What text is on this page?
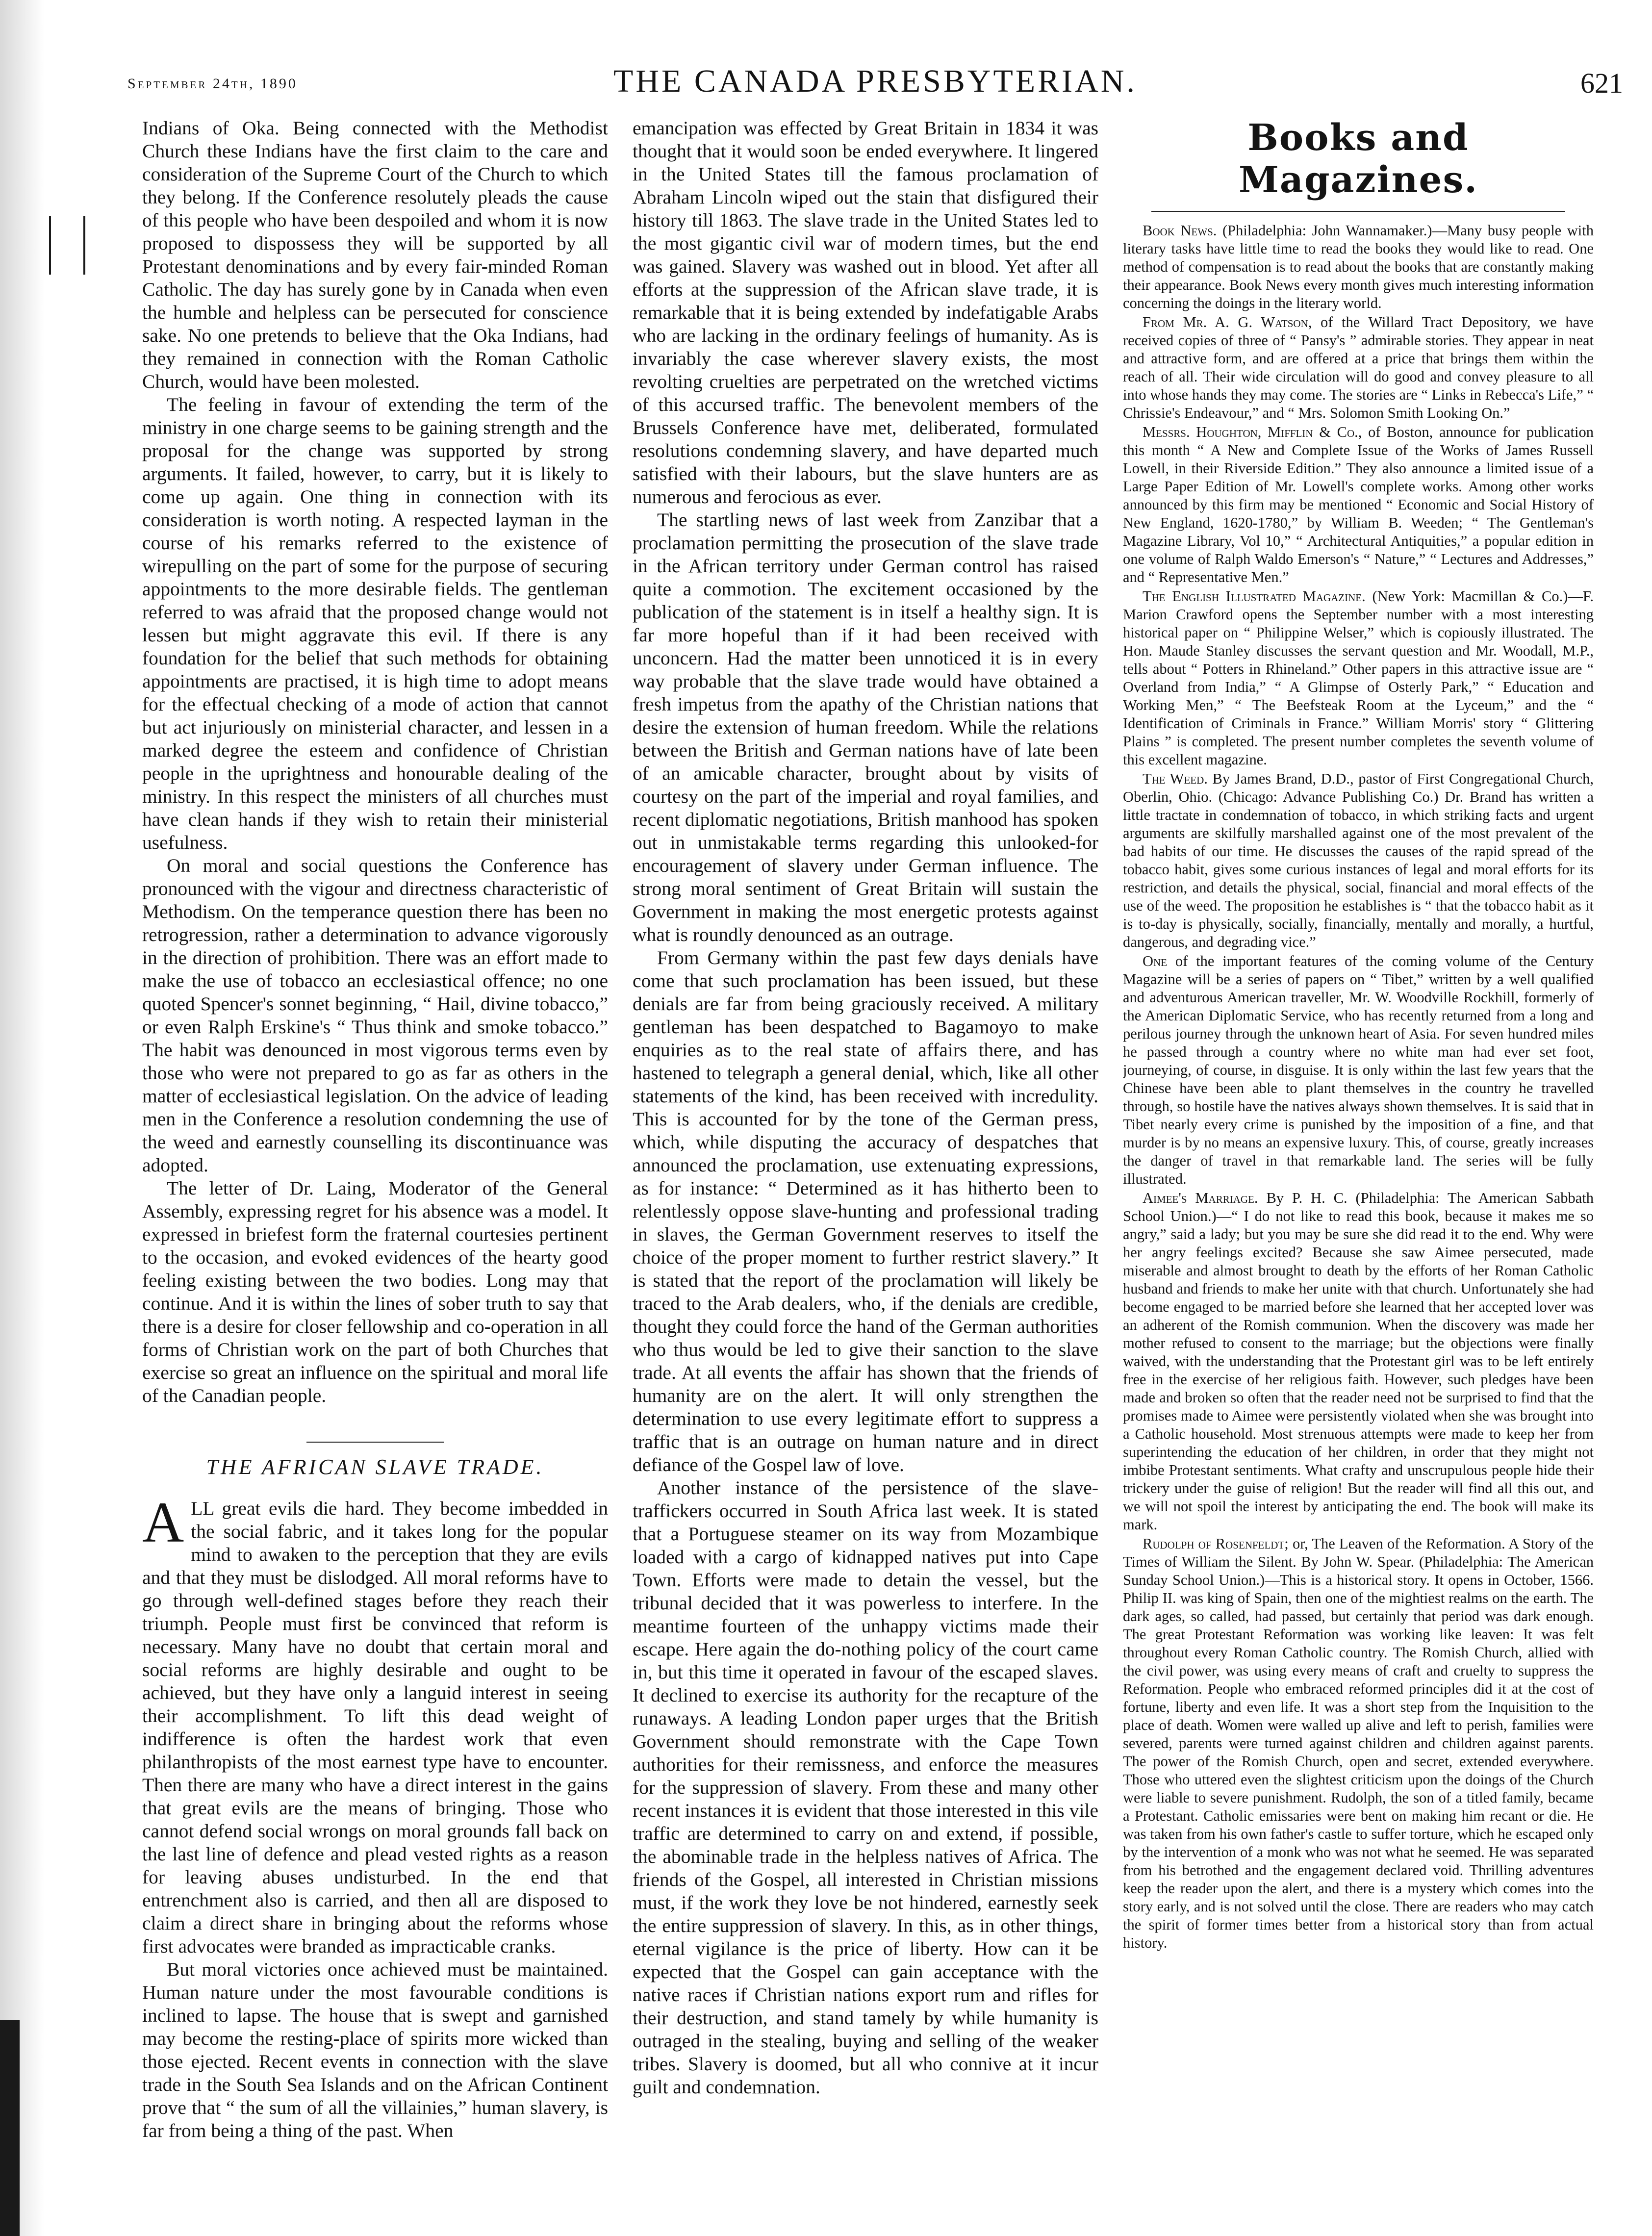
September 24th, 1890	THE CANADA PRESBYTERIAN.	621

Indians of Oka. Being connected with the Methodist Church these Indians have the first claim to the care and consideration of the Supreme Court of the Church to which they belong. If the Conference resolutely pleads the cause of this people who have been despoiled and whom it is now proposed to dispossess they will be supported by all Protestant denominations and by every fair-minded Roman Catholic. The day has surely gone by in Canada when even the humble and helpless can be persecuted for conscience sake. No one pretends to believe that the Oka Indians, had they remained in connection with the Roman Catholic Church, would have been molested.

The feeling in favour of extending the term of the ministry in one charge seems to be gaining strength and the proposal for the change was supported by strong arguments. It failed, however, to carry, but it is likely to come up again. One thing in connection with its consideration is worth noting. A respected layman in the course of his remarks referred to the existence of wirepulling on the part of some for the purpose of securing appointments to the more desirable fields. The gentleman referred to was afraid that the proposed change would not lessen but might aggravate this evil. If there is any foundation for the belief that such methods for obtaining appointments are practised, it is high time to adopt means for the effectual checking of a mode of action that cannot but act injuriously on ministerial character, and lessen in a marked degree the esteem and confidence of Christian people in the uprightness and honourable dealing of the ministry. In this respect the ministers of all churches must have clean hands if they wish to retain their ministerial usefulness.

On moral and social questions the Conference has pronounced with the vigour and directness characteristic of Methodism. On the temperance question there has been no retrogression, rather a determination to advance vigorously in the direction of prohibition. There was an effort made to make the use of tobacco an ecclesiastical offence; no one quoted Spencer's sonnet beginning, “ Hail, divine tobacco,” or even Ralph Erskine's “ Thus think and smoke tobacco.” The habit was denounced in most vigorous terms even by those who were not prepared to go as far as others in the matter of ecclesiastical legislation. On the advice of leading men in the Conference a resolution condemning the use of the weed and earnestly counselling its discontinuance was adopted.

The letter of Dr. Laing, Moderator of the General Assembly, expressing regret for his absence was a model. It expressed in briefest form the fraternal courtesies pertinent to the occasion, and evoked evidences of the hearty good feeling existing between the two bodies. Long may that continue. And it is within the lines of sober truth to say that there is a desire for closer fellowship and co-operation in all forms of Christian work on the part of both Churches that exercise so great an influence on the spiritual and moral life of the Canadian people.

THE AFRICAN SLAVE TRADE.

ALL great evils die hard. They become imbedded in the social fabric, and it takes long for the popular mind to awaken to the perception that they are evils and that they must be dislodged. All moral reforms have to go through well-defined stages before they reach their triumph. People must first be convinced that reform is necessary. Many have no doubt that certain moral and social reforms are highly desirable and ought to be achieved, but they have only a languid interest in seeing their accomplishment. To lift this dead weight of indifference is often the hardest work that even philanthropists of the most earnest type have to encounter. Then there are many who have a direct interest in the gains that great evils are the means of bringing. Those who cannot defend social wrongs on moral grounds fall back on the last line of defence and plead vested rights as a reason for leaving abuses undisturbed. In the end that entrenchment also is carried, and then all are disposed to claim a direct share in bringing about the reforms whose first advocates were branded as impracticable cranks.

But moral victories once achieved must be maintained. Human nature under the most favourable conditions is inclined to lapse. The house that is swept and garnished may become the resting-place of spirits more wicked than those ejected. Recent events in connection with the slave trade in the South Sea Islands and on the African Continent prove that “ the sum of all the villainies,” human slavery, is far from being a thing of the past. When

emancipation was effected by Great Britain in 1834 it was thought that it would soon be ended everywhere. It lingered in the United States till the famous proclamation of Abraham Lincoln wiped out the stain that disfigured their history till 1863. The slave trade in the United States led to the most gigantic civil war of modern times, but the end was gained. Slavery was washed out in blood. Yet after all efforts at the suppression of the African slave trade, it is remarkable that it is being extended by indefatigable Arabs who are lacking in the ordinary feelings of humanity. As is invariably the case wherever slavery exists, the most revolting cruelties are perpetrated on the wretched victims of this accursed traffic. The benevolent members of the Brussels Conference have met, deliberated, formulated resolutions condemning slavery, and have departed much satisfied with their labours, but the slave hunters are as numerous and ferocious as ever.

The startling news of last week from Zanzibar that a proclamation permitting the prosecution of the slave trade in the African territory under German control has raised quite a commotion. The excitement occasioned by the publication of the statement is in itself a healthy sign. It is far more hopeful than if it had been received with unconcern. Had the matter been unnoticed it is in every way probable that the slave trade would have obtained a fresh impetus from the apathy of the Christian nations that desire the extension of human freedom. While the relations between the British and German nations have of late been of an amicable character, brought about by visits of courtesy on the part of the imperial and royal families, and recent diplomatic negotiations, British manhood has spoken out in unmistakable terms regarding this unlooked-for encouragement of slavery under German influence. The strong moral sentiment of Great Britain will sustain the Government in making the most energetic protests against what is roundly denounced as an outrage.

From Germany within the past few days denials have come that such proclamation has been issued, but these denials are far from being graciously received. A military gentleman has been despatched to Bagamoyo to make enquiries as to the real state of affairs there, and has hastened to telegraph a general denial, which, like all other statements of the kind, has been received with incredulity. This is accounted for by the tone of the German press, which, while disputing the accuracy of despatches that announced the proclamation, use extenuating expressions, as for instance: “ Determined as it has hitherto been to relentlessly oppose slave-hunting and professional trading in slaves, the German Government reserves to itself the choice of the proper moment to further restrict slavery.” It is stated that the report of the proclamation will likely be traced to the Arab dealers, who, if the denials are credible, thought they could force the hand of the German authorities who thus would be led to give their sanction to the slave trade. At all events the affair has shown that the friends of humanity are on the alert. It will only strengthen the determination to use every legitimate effort to suppress a traffic that is an outrage on human nature and in direct defiance of the Gospel law of love.

Another instance of the persistence of the slave-traffickers occurred in South Africa last week. It is stated that a Portuguese steamer on its way from Mozambique loaded with a cargo of kidnapped natives put into Cape Town. Efforts were made to detain the vessel, but the tribunal decided that it was powerless to interfere. In the meantime fourteen of the unhappy victims made their escape. Here again the do-nothing policy of the court came in, but this time it operated in favour of the escaped slaves. It declined to exercise its authority for the recapture of the runaways. A leading London paper urges that the British Government should remonstrate with the Cape Town authorities for their remissness, and enforce the measures for the suppression of slavery. From these and many other recent instances it is evident that those interested in this vile traffic are determined to carry on and extend, if possible, the abominable trade in the helpless natives of Africa. The friends of the Gospel, all interested in Christian missions must, if the work they love be not hindered, earnestly seek the entire suppression of slavery. In this, as in other things, eternal vigilance is the price of liberty. How can it be expected that the Gospel can gain acceptance with the native races if Christian nations export rum and rifles for their destruction, and stand tamely by while humanity is outraged in the stealing, buying and selling of the weaker tribes. Slavery is doomed, but all who connive at it incur guilt and condemnation.

Books and Magazines.

Book News. (Philadelphia: John Wannamaker.)—Many busy people with literary tasks have little time to read the books they would like to read. One method of compensation is to read about the books that are constantly making their appearance. Book News every month gives much interesting information concerning the doings in the literary world.

From Mr. A. G. Watson, of the Willard Tract Depository, we have received copies of three of “ Pansy's ” admirable stories. They appear in neat and attractive form, and are offered at a price that brings them within the reach of all. Their wide circulation will do good and convey pleasure to all into whose hands they may come. The stories are “ Links in Rebecca's Life,” “ Chrissie's Endeavour,” and “ Mrs. Solomon Smith Looking On.”

Messrs. Houghton, Mifflin & Co., of Boston, announce for publication this month “ A New and Complete Issue of the Works of James Russell Lowell, in their Riverside Edition.” They also announce a limited issue of a Large Paper Edition of Mr. Lowell's complete works. Among other works announced by this firm may be mentioned “ Economic and Social History of New England, 1620-1780,” by William B. Weeden; “ The Gentleman's Magazine Library, Vol 10,” “ Architectural Antiquities,” a popular edition in one volume of Ralph Waldo Emerson's “ Nature,” “ Lectures and Addresses,” and “ Representative Men.”

The English Illustrated Magazine. (New York: Macmillan & Co.)—F. Marion Crawford opens the September number with a most interesting historical paper on “ Philippine Welser,” which is copiously illustrated. The Hon. Maude Stanley discusses the servant question and Mr. Woodall, M.P., tells about “ Potters in Rhineland.” Other papers in this attractive issue are “ Overland from India,” “ A Glimpse of Osterly Park,” “ Education and Working Men,” “ The Beefsteak Room at the Lyceum,” and the “ Identification of Criminals in France.” William Morris' story “ Glittering Plains ” is completed. The present number completes the seventh volume of this excellent magazine.

The Weed. By James Brand, D.D., pastor of First Congregational Church, Oberlin, Ohio. (Chicago: Advance Publishing Co.) Dr. Brand has written a little tractate in condemnation of tobacco, in which striking facts and urgent arguments are skilfully marshalled against one of the most prevalent of the bad habits of our time. He discusses the causes of the rapid spread of the tobacco habit, gives some curious instances of legal and moral efforts for its restriction, and details the physical, social, financial and moral effects of the use of the weed. The proposition he establishes is “ that the tobacco habit as it is to-day is physically, socially, financially, mentally and morally, a hurtful, dangerous, and degrading vice.”

One of the important features of the coming volume of the Century Magazine will be a series of papers on “ Tibet,” written by a well qualified and adventurous American traveller, Mr. W. Woodville Rockhill, formerly of the American Diplomatic Service, who has recently returned from a long and perilous journey through the unknown heart of Asia. For seven hundred miles he passed through a country where no white man had ever set foot, journeying, of course, in disguise. It is only within the last few years that the Chinese have been able to plant themselves in the country he travelled through, so hostile have the natives always shown themselves. It is said that in Tibet nearly every crime is punished by the imposition of a fine, and that murder is by no means an expensive luxury. This, of course, greatly increases the danger of travel in that remarkable land. The series will be fully illustrated.

Aimee's Marriage. By P. H. C. (Philadelphia: The American Sabbath School Union.)—“ I do not like to read this book, because it makes me so angry,” said a lady; but you may be sure she did read it to the end. Why were her angry feelings excited? Because she saw Aimee persecuted, made miserable and almost brought to death by the efforts of her Roman Catholic husband and friends to make her unite with that church. Unfortunately she had become engaged to be married before she learned that her accepted lover was an adherent of the Romish communion. When the discovery was made her mother refused to consent to the marriage; but the objections were finally waived, with the understanding that the Protestant girl was to be left entirely free in the exercise of her religious faith. However, such pledges have been made and broken so often that the reader need not be surprised to find that the promises made to Aimee were persistently violated when she was brought into a Catholic household. Most strenuous attempts were made to keep her from superintending the education of her children, in order that they might not imbibe Protestant sentiments. What crafty and unscrupulous people hide their trickery under the guise of religion! But the reader will find all this out, and we will not spoil the interest by anticipating the end. The book will make its mark.

Rudolph of Rosenfeldt; or, The Leaven of the Reformation. A Story of the Times of William the Silent. By John W. Spear. (Philadelphia: The American Sunday School Union.)—This is a historical story. It opens in October, 1566. Philip II. was king of Spain, then one of the mightiest realms on the earth. The dark ages, so called, had passed, but certainly that period was dark enough. The great Protestant Reformation was working like leaven: It was felt throughout every Roman Catholic country. The Romish Church, allied with the civil power, was using every means of craft and cruelty to suppress the Reformation. People who embraced reformed principles did it at the cost of fortune, liberty and even life. It was a short step from the Inquisition to the place of death. Women were walled up alive and left to perish, families were severed, parents were turned against children and children against parents. The power of the Romish Church, open and secret, extended everywhere. Those who uttered even the slightest criticism upon the doings of the Church were liable to severe punishment. Rudolph, the son of a titled family, became a Protestant. Catholic emissaries were bent on making him recant or die. He was taken from his own father's castle to suffer torture, which he escaped only by the intervention of a monk who was not what he seemed. He was separated from his betrothed and the engagement declared void. Thrilling adventures keep the reader upon the alert, and there is a mystery which comes into the story early, and is not solved until the close. There are readers who may catch the spirit of former times better from a historical story than from actual history.
